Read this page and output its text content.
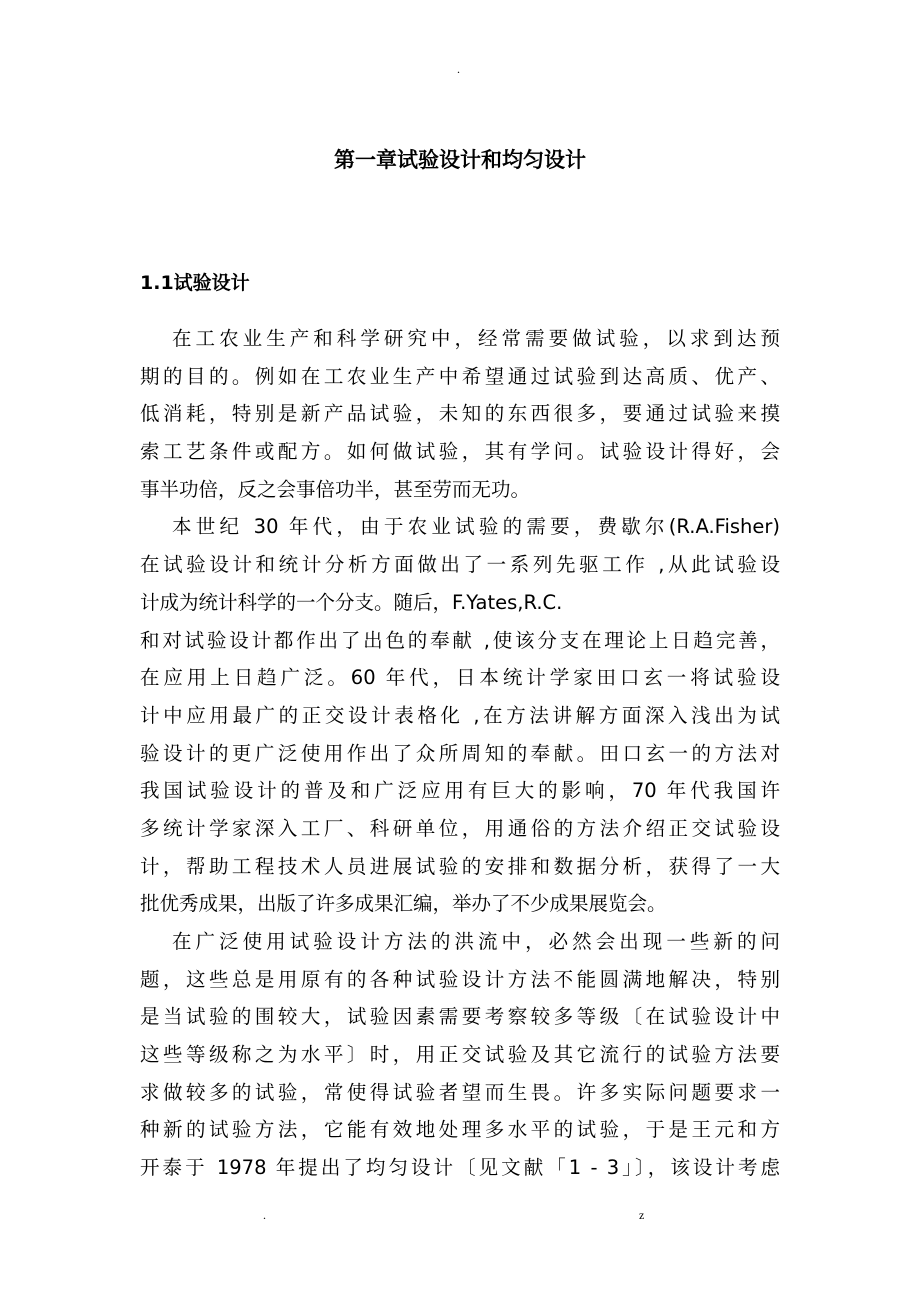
.
第一章试验设计和均匀设计
1.1试验设计
在工农业生产和科学研究中，经常需要做试验，以求到达预
期的目的。例如在工农业生产中希望通过试验到达高质、优产、
低消耗，特别是新产品试验，未知的东西很多，要通过试验来摸
索工艺条件或配方。如何做试验，其有学问。试验设计得好，会
事半功倍，反之会事倍功半，甚至劳而无功。
本世纪 30 年代，由于农业试验的需要，费歇尔(R.A.Fisher)
在试验设计和统计分析方面做出了一系列先驱工作 ,从此试验设
计成为统计科学的一个分支。随后，F.Yates,R.C.
和对试验设计都作出了出色的奉献 ,使该分支在理论上日趋完善，
在应用上日趋广泛。60 年代，日本统计学家田口玄一将试验设
计中应用最广的正交设计表格化 ,在方法讲解方面深入浅出为试
验设计的更广泛使用作出了众所周知的奉献。田口玄一的方法对
我国试验设计的普及和广泛应用有巨大的影响，70 年代我国许
多统计学家深入工厂、科研单位，用通俗的方法介绍正交试验设
计，帮助工程技术人员进展试验的安排和数据分析，获得了一大
批优秀成果，出版了许多成果汇编，举办了不少成果展览会。
在广泛使用试验设计方法的洪流中，必然会出现一些新的问
题，这些总是用原有的各种试验设计方法不能圆满地解决，特别
是当试验的围较大，试验因素需要考察较多等级〔在试验设计中
这些等级称之为水平〕时，用正交试验及其它流行的试验方法要
求做较多的试验，常使得试验者望而生畏。许多实际问题要求一
种新的试验方法，它能有效地处理多水平的试验，于是王元和方
开泰于 1978 年提出了均匀设计〔见文献「1 - 3」〕，该设计考虑
.	z
